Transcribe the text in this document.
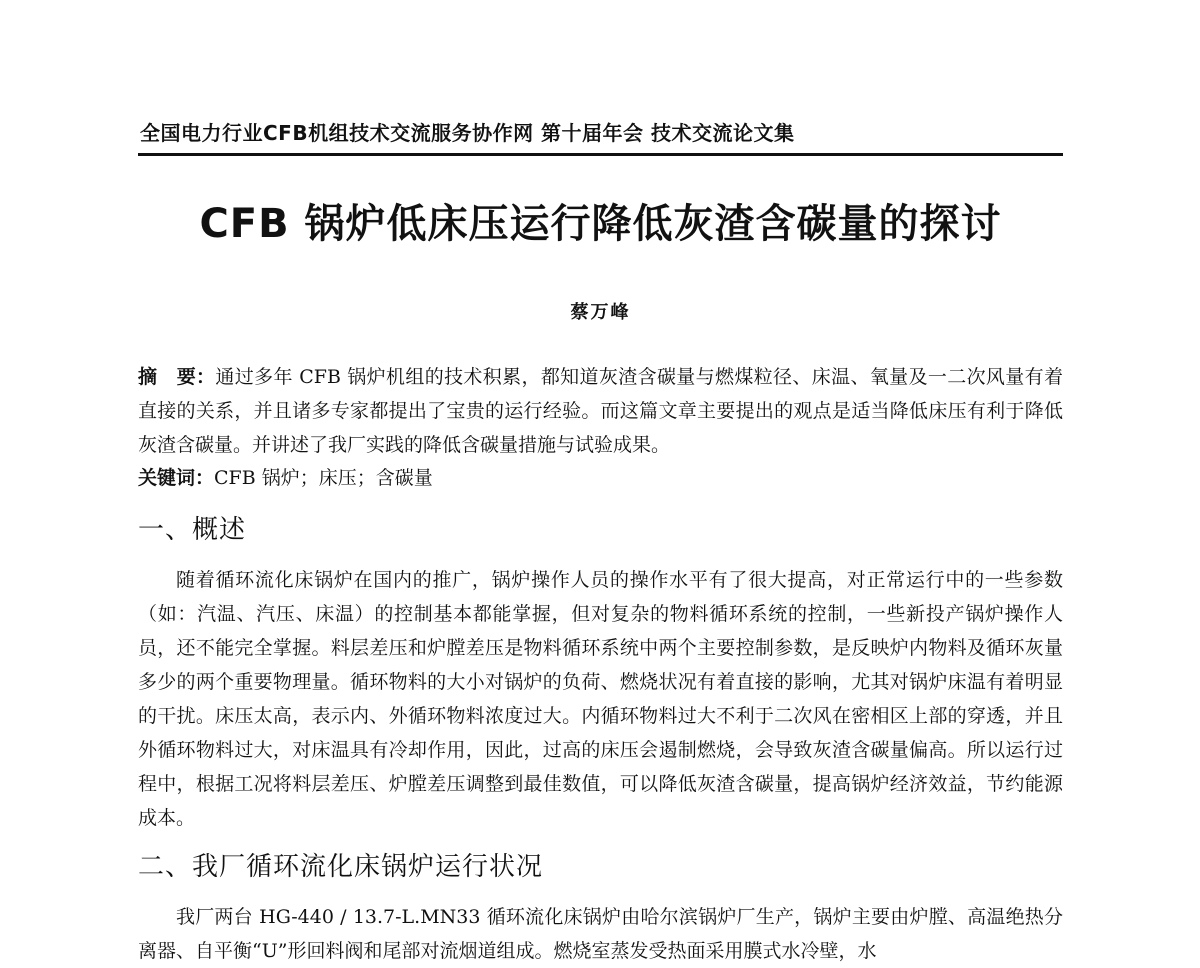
全国电力行业CFB机组技术交流服务协作网 第十届年会 技术交流论文集
CFB 锅炉低床压运行降低灰渣含碳量的探讨
蔡万峰
摘　要：通过多年 CFB 锅炉机组的技术积累，都知道灰渣含碳量与燃煤粒径、床温、氧量及一二次风量有着直接的关系，并且诸多专家都提出了宝贵的运行经验。而这篇文章主要提出的观点是适当降低床压有利于降低灰渣含碳量。并讲述了我厂实践的降低含碳量措施与试验成果。
关键词：CFB 锅炉；床压；含碳量
一、概述
随着循环流化床锅炉在国内的推广，锅炉操作人员的操作水平有了很大提高，对正常运行中的一些参数（如：汽温、汽压、床温）的控制基本都能掌握，但对复杂的物料循环系统的控制，一些新投产锅炉操作人员，还不能完全掌握。料层差压和炉膛差压是物料循环系统中两个主要控制参数，是反映炉内物料及循环灰量多少的两个重要物理量。循环物料的大小对锅炉的负荷、燃烧状况有着直接的影响，尤其对锅炉床温有着明显的干扰。床压太高，表示内、外循环物料浓度过大。内循环物料过大不利于二次风在密相区上部的穿透，并且外循环物料过大，对床温具有冷却作用，因此，过高的床压会遏制燃烧，会导致灰渣含碳量偏高。所以运行过程中，根据工况将料层差压、炉膛差压调整到最佳数值，可以降低灰渣含碳量，提高锅炉经济效益，节约能源成本。
二、我厂循环流化床锅炉运行状况
我厂两台 HG-440 / 13.7-L.MN33 循环流化床锅炉由哈尔滨锅炉厂生产，锅炉主要由炉膛、高温绝热分离器、自平衡“U”形回料阀和尾部对流烟道组成。燃烧室蒸发受热面采用膜式水冷壁，水
